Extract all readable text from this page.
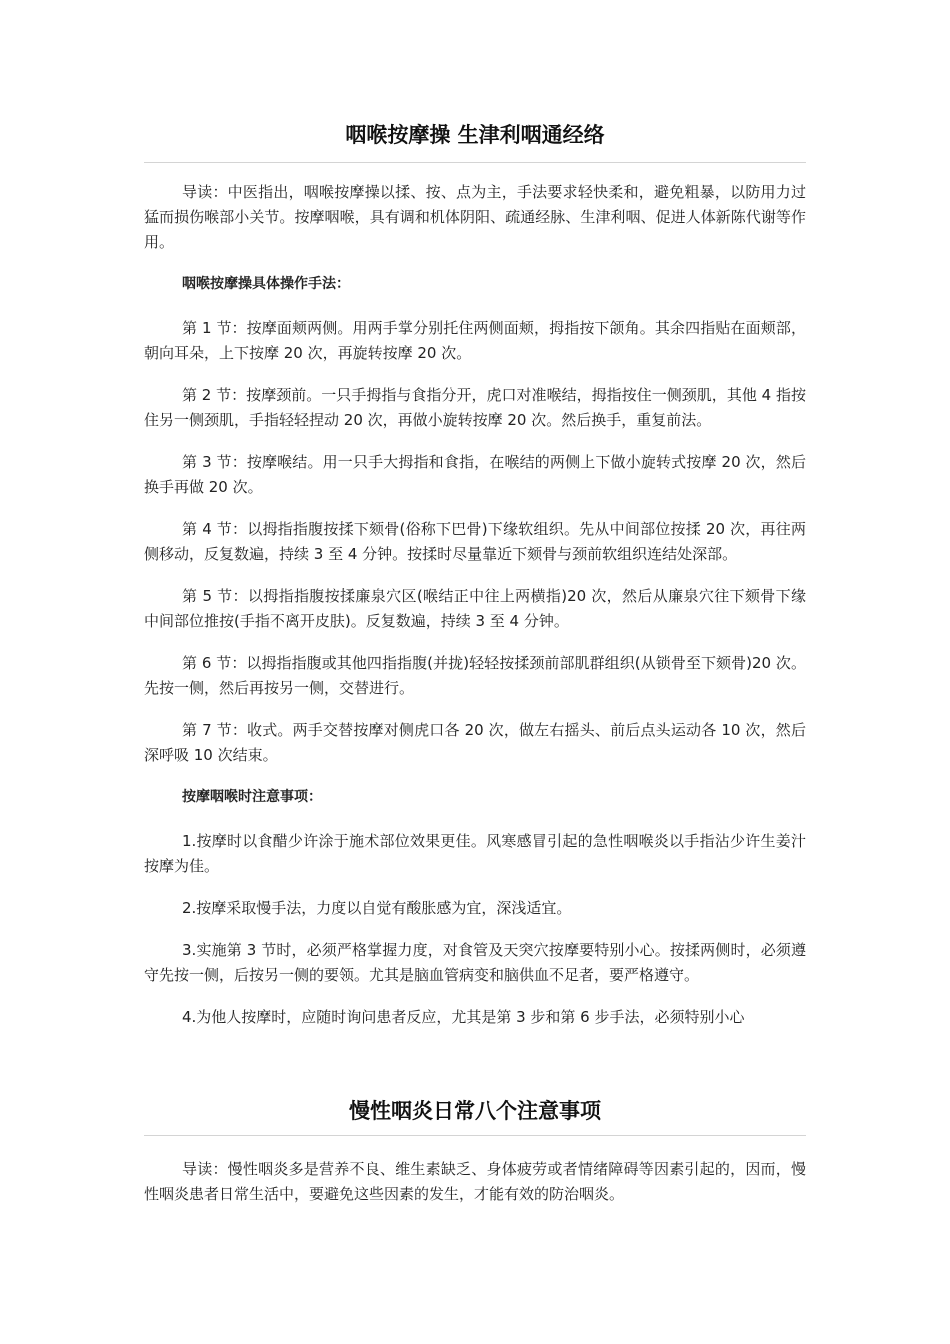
咽喉按摩操 生津利咽通经络

导读：中医指出，咽喉按摩操以揉、按、点为主，手法要求轻快柔和，避免粗暴，以防用力过猛而损伤喉部小关节。按摩咽喉，具有调和机体阴阳、疏通经脉、生津利咽、促进人体新陈代谢等作用。

咽喉按摩操具体操作手法：

第 1 节：按摩面颊两侧。用两手掌分别托住两侧面颊，拇指按下颌角。其余四指贴在面颊部，朝向耳朵，上下按摩 20 次，再旋转按摩 20 次。

第 2 节：按摩颈前。一只手拇指与食指分开，虎口对准喉结，拇指按住一侧颈肌，其他 4 指按住另一侧颈肌，手指轻轻捏动 20 次，再做小旋转按摩 20 次。然后换手，重复前法。

第 3 节：按摩喉结。用一只手大拇指和食指，在喉结的两侧上下做小旋转式按摩 20 次，然后换手再做 20 次。

第 4 节：以拇指指腹按揉下颏骨(俗称下巴骨)下缘软组织。先从中间部位按揉 20 次，再往两侧移动，反复数遍，持续 3 至 4 分钟。按揉时尽量靠近下颏骨与颈前软组织连结处深部。

第 5 节：以拇指指腹按揉廉泉穴区(喉结正中往上两横指)20 次，然后从廉泉穴往下颏骨下缘中间部位推按(手指不离开皮肤)。反复数遍，持续 3 至 4 分钟。

第 6 节：以拇指指腹或其他四指指腹(并拢)轻轻按揉颈前部肌群组织(从锁骨至下颏骨)20 次。先按一侧，然后再按另一侧，交替进行。

第 7 节：收式。两手交替按摩对侧虎口各 20 次，做左右摇头、前后点头运动各 10 次，然后深呼吸 10 次结束。

按摩咽喉时注意事项：

1.按摩时以食醋少许涂于施术部位效果更佳。风寒感冒引起的急性咽喉炎以手指沾少许生姜汁按摩为佳。

2.按摩采取慢手法，力度以自觉有酸胀感为宜，深浅适宜。

3.实施第 3 节时，必须严格掌握力度，对食管及天突穴按摩要特别小心。按揉两侧时，必须遵守先按一侧，后按另一侧的要领。尤其是脑血管病变和脑供血不足者，要严格遵守。

4.为他人按摩时，应随时询问患者反应，尤其是第 3 步和第 6 步手法，必须特别小心

慢性咽炎日常八个注意事项

导读：慢性咽炎多是营养不良、维生素缺乏、身体疲劳或者情绪障碍等因素引起的，因而，慢性咽炎患者日常生活中，要避免这些因素的发生，才能有效的防治咽炎。
